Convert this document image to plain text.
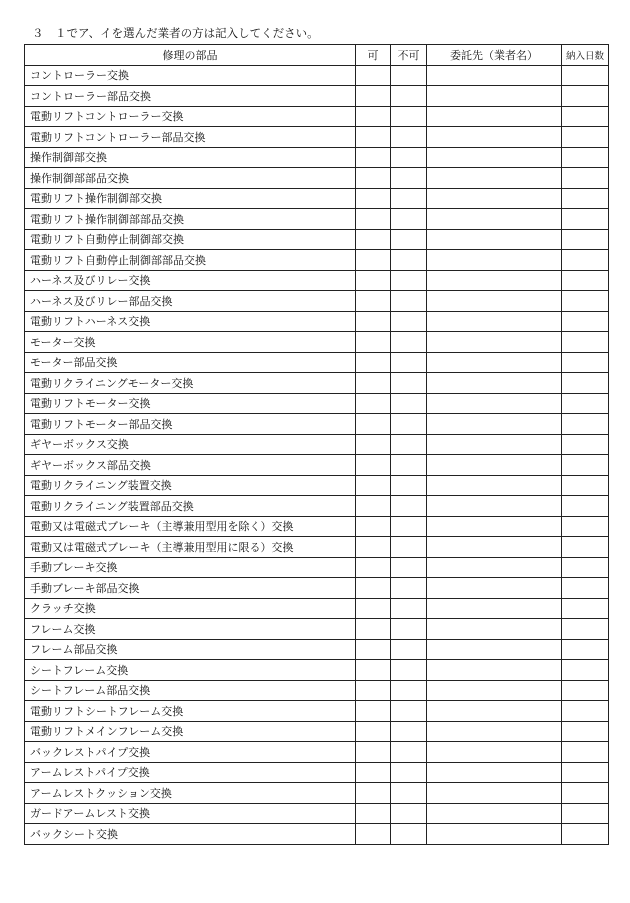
３　１でア、イを選んだ業者の方は記入してください。
修理の部品	可	不可	委託先（業者名）	納入日数
コントローラー交換				
コントローラー部品交換				
電動リフトコントローラー交換				
電動リフトコントローラー部品交換				
操作制御部交換				
操作制御部部品交換				
電動リフト操作制御部交換				
電動リフト操作制御部部品交換				
電動リフト自動停止制御部交換				
電動リフト自動停止制御部部品交換				
ハーネス及びリレー交換				
ハーネス及びリレー部品交換				
電動リフトハーネス交換				
モーター交換				
モーター部品交換				
電動リクライニングモーター交換				
電動リフトモーター交換				
電動リフトモーター部品交換				
ギヤーボックス交換				
ギヤーボックス部品交換				
電動リクライニング装置交換				
電動リクライニング装置部品交換				
電動又は電磁式ブレーキ（主導兼用型用を除く）交換				
電動又は電磁式ブレーキ（主導兼用型用に限る）交換				
手動ブレーキ交換				
手動ブレーキ部品交換				
クラッチ交換				
フレーム交換				
フレーム部品交換				
シートフレーム交換				
シートフレーム部品交換				
電動リフトシートフレーム交換				
電動リフトメインフレーム交換				
バックレストパイプ交換				
アームレストパイプ交換				
アームレストクッション交換				
ガードアームレスト交換				
バックシート交換				
